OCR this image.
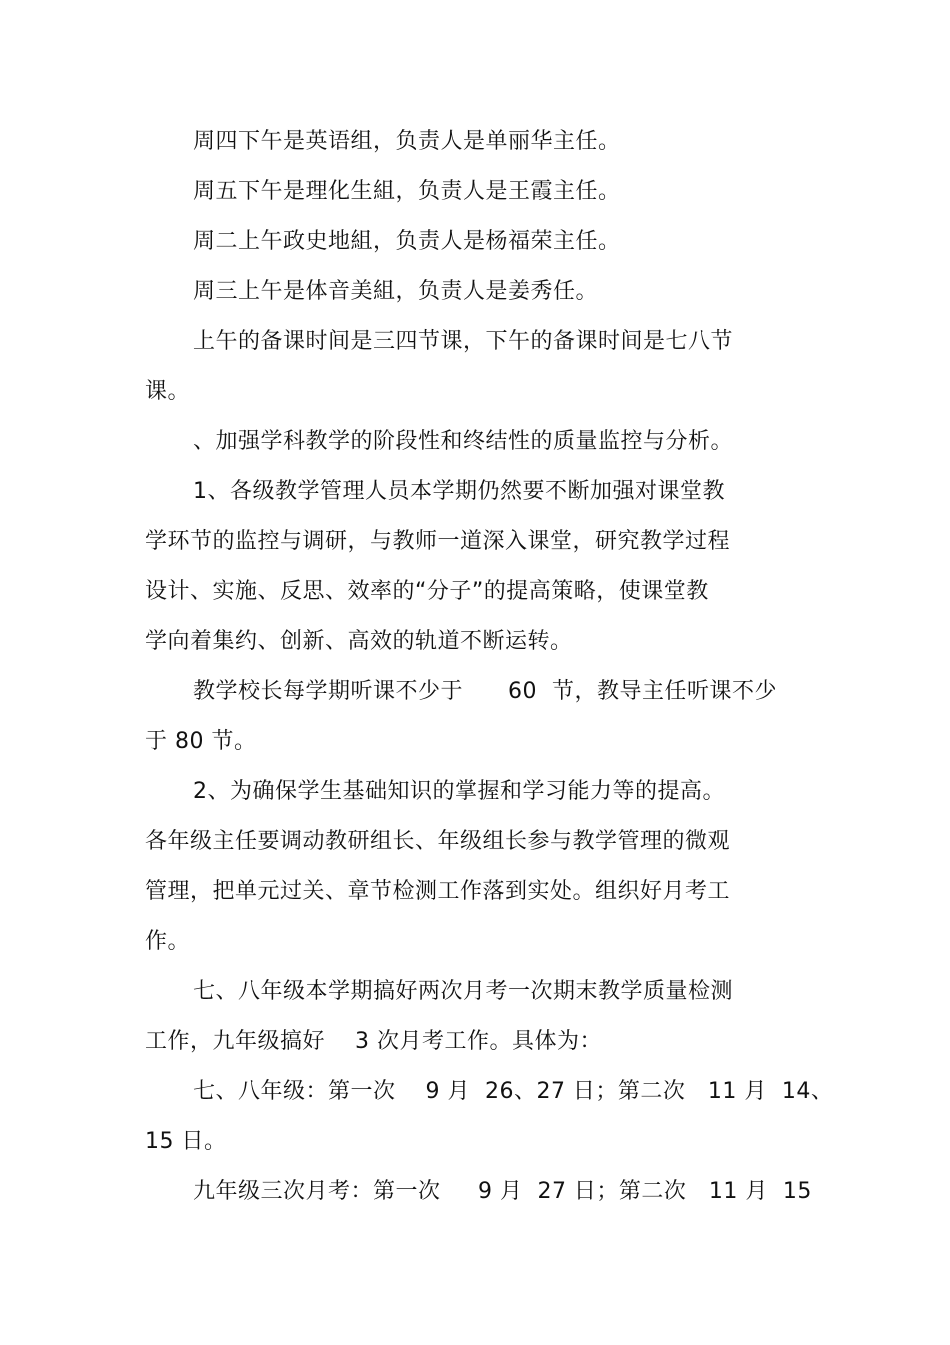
周四下午是英语组，负责人是单丽华主任。
周五下午是理化生組，负责人是王霞主任。
周二上午政史地組，负责人是杨福荣主任。
周三上午是体音美組，负责人是姜秀任。
上午的备课时间是三四节课，下午的备课时间是七八节
课。
、加强学科教学的阶段性和终结性的质量监控与分析。
1、各级教学管理人员本学期仍然要不断加强对课堂教
学环节的监控与调研，与教师一道深入课堂，研究教学过程
设计、实施、反思、效率的“分子”的提高策略，使课堂教
学向着集约、创新、高效的轨道不断运转。
教学校长每学期听课不少于      60  节，教导主任听课不少
于 80 节。
2、为确保学生基础知识的掌握和学习能力等的提高。
各年级主任要调动教研组长、年级组长参与教学管理的微观
管理，把单元过关、章节检测工作落到实处。组织好月考工
作。
七、八年级本学期搞好两次月考一次期末教学质量检测
工作，九年级搞好    3 次月考工作。具体为：
七、八年级：第一次    9 月  26、27 日；第二次   11 月  14、
15 日。
九年级三次月考：第一次     9 月  27 日；第二次   11 月  15
